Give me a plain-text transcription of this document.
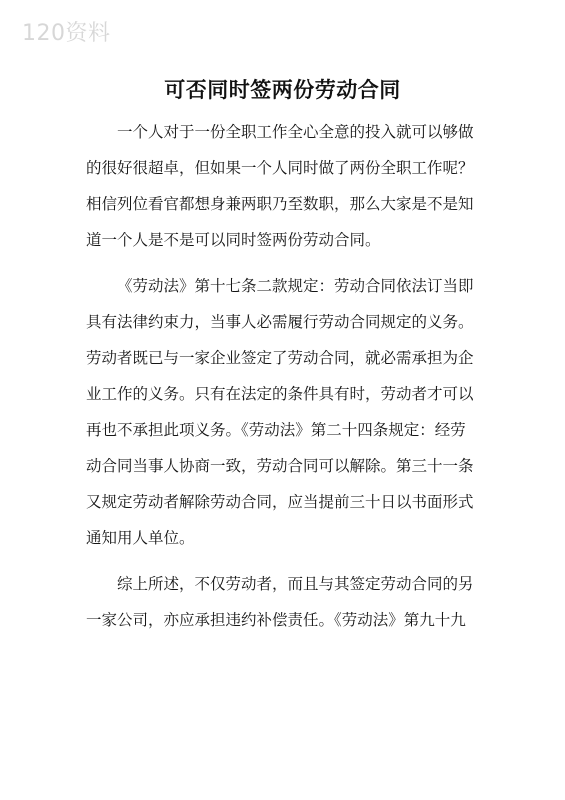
120资料
可否同时签两份劳动合同
一个人对于一份全职工作全心全意的投入就可以够做
的很好很超卓，但如果一个人同时做了两份全职工作呢？
相信列位看官都想身兼两职乃至数职，那么大家是不是知
道一个人是不是可以同时签两份劳动合同。
《劳动法》第十七条二款规定：劳动合同依法订当即
具有法律约束力，当事人必需履行劳动合同规定的义务。
劳动者既已与一家企业签定了劳动合同，就必需承担为企
业工作的义务。只有在法定的条件具有时，劳动者才可以
再也不承担此项义务。《劳动法》第二十四条规定：经劳
动合同当事人协商一致，劳动合同可以解除。第三十一条
又规定劳动者解除劳动合同，应当提前三十日以书面形式
通知用人单位。
综上所述，不仅劳动者，而且与其签定劳动合同的另
一家公司，亦应承担违约补偿责任。《劳动法》第九十九
